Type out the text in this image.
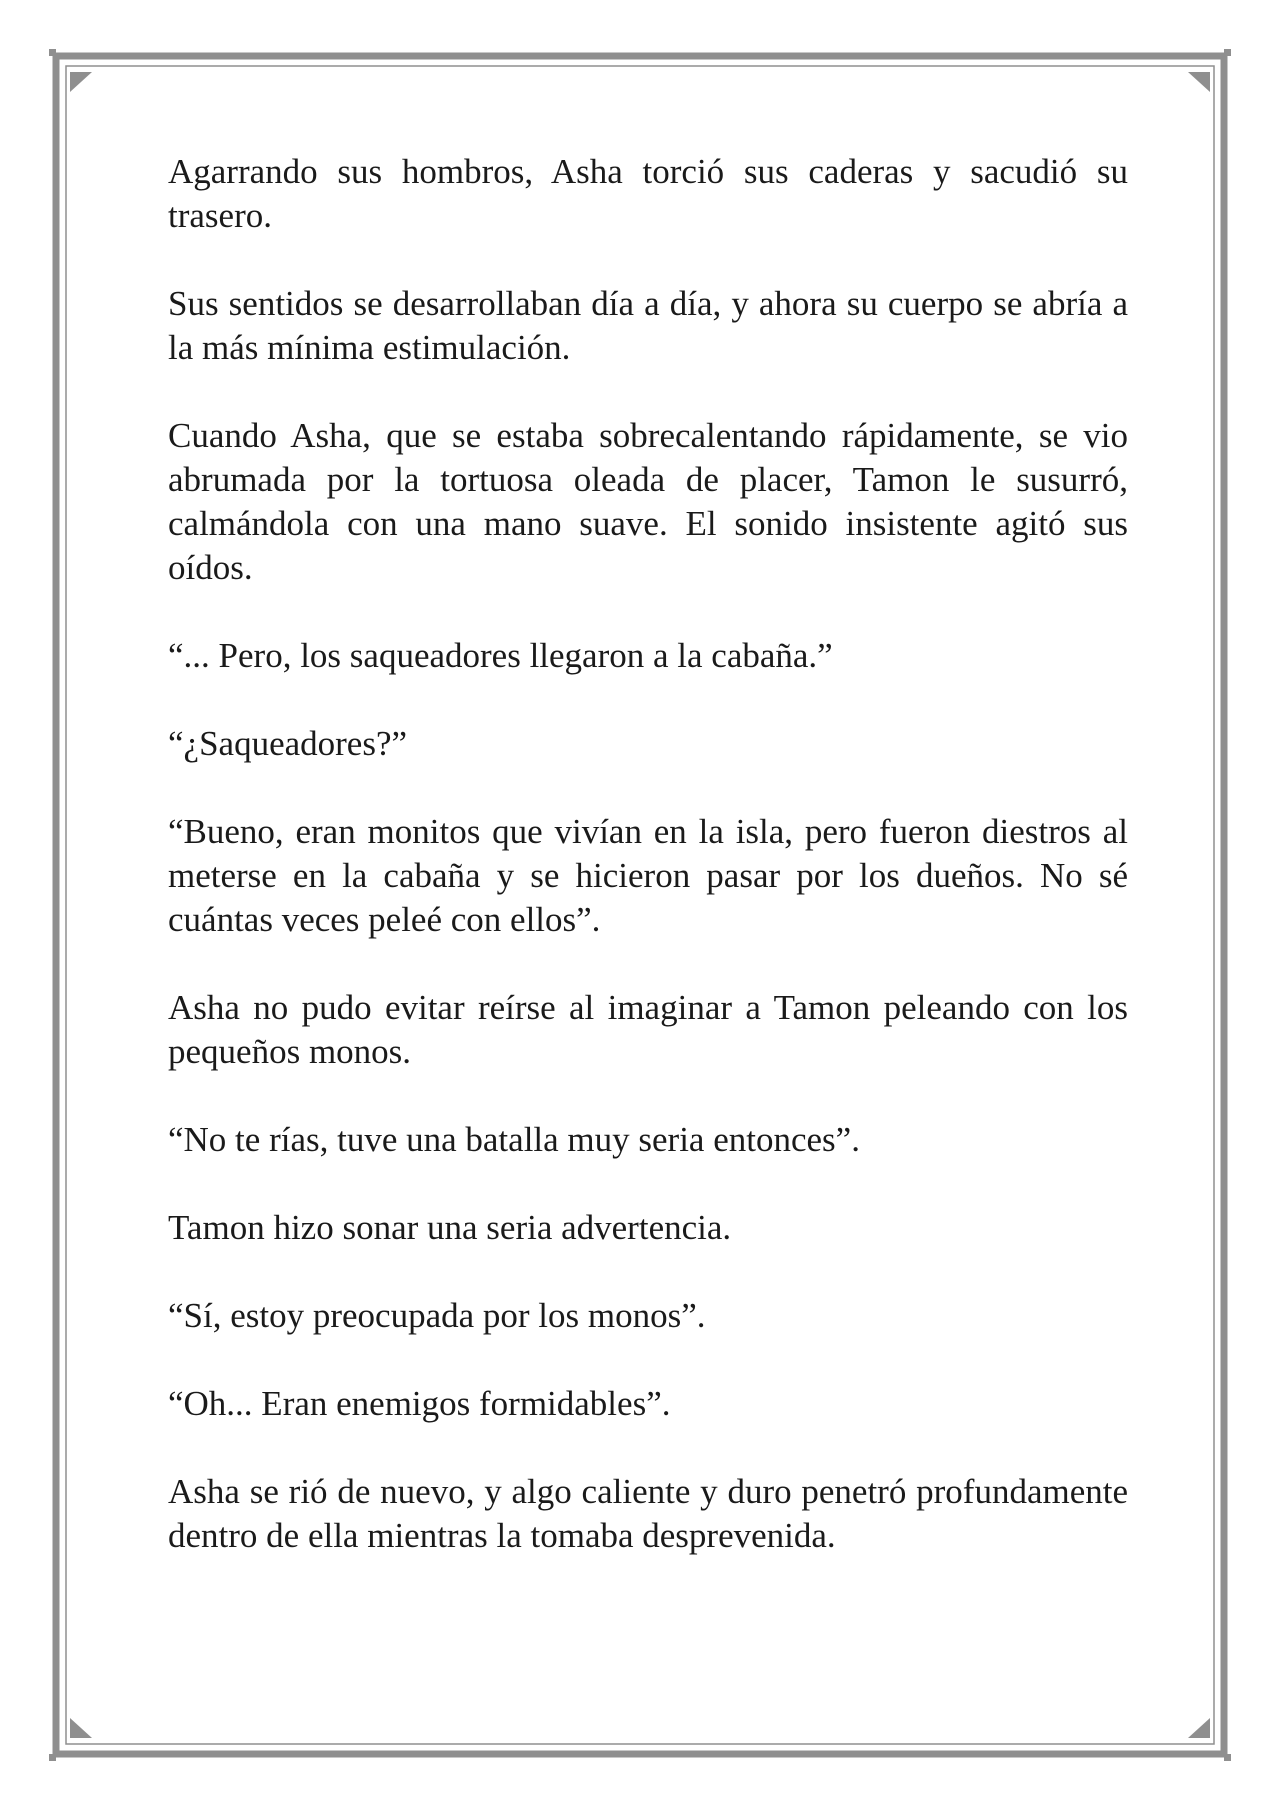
Agarrando sus hombros, Asha torció sus caderas y sacudió su trasero.

Sus sentidos se desarrollaban día a día, y ahora su cuerpo se abría a la más mínima estimulación.

Cuando Asha, que se estaba sobrecalentando rápidamente, se vio abrumada por la tortuosa oleada de placer, Tamon le susurró, calmándola con una mano suave. El sonido insistente agitó sus oídos.

“... Pero, los saqueadores llegaron a la cabaña.”

“¿Saqueadores?”

“Bueno, eran monitos que vivían en la isla, pero fueron diestros al meterse en la cabaña y se hicieron pasar por los dueños. No sé cuántas veces peleé con ellos”.

Asha no pudo evitar reírse al imaginar a Tamon peleando con los pequeños monos.

“No te rías, tuve una batalla muy seria entonces”.

Tamon hizo sonar una seria advertencia.

“Sí, estoy preocupada por los monos”.

“Oh... Eran enemigos formidables”.

Asha se rió de nuevo, y algo caliente y duro penetró profundamente dentro de ella mientras la tomaba desprevenida.
